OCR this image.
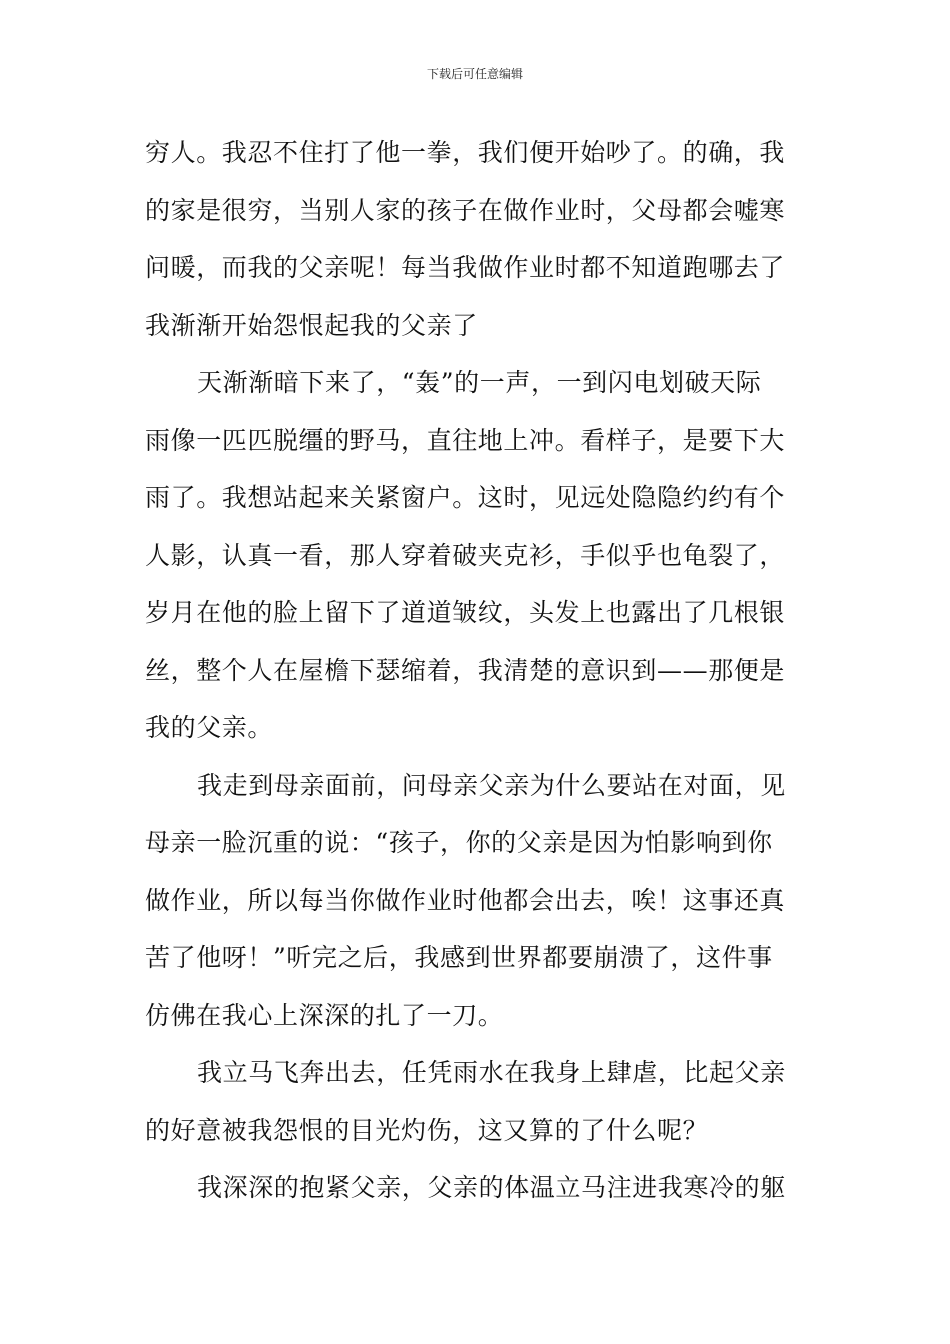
下载后可任意编辑
穷人。我忍不住打了他一拳，我们便开始吵了。的确，我
的家是很穷，当别人家的孩子在做作业时，父母都会嘘寒
问暖，而我的父亲呢！每当我做作业时都不知道跑哪去了
我渐渐开始怨恨起我的父亲了
天渐渐暗下来了，“轰”的一声，一到闪电划破天际
雨像一匹匹脱缰的野马，直往地上冲。看样子，是要下大
雨了。我想站起来关紧窗户。这时，见远处隐隐约约有个
人影，认真一看，那人穿着破夹克衫，手似乎也龟裂了，
岁月在他的脸上留下了道道皱纹，头发上也露出了几根银
丝，整个人在屋檐下瑟缩着，我清楚的意识到——那便是
我的父亲。
我走到母亲面前，问母亲父亲为什么要站在对面，见
母亲一脸沉重的说：“孩子，你的父亲是因为怕影响到你
做作业，所以每当你做作业时他都会出去，唉！这事还真
苦了他呀！”听完之后，我感到世界都要崩溃了，这件事
仿佛在我心上深深的扎了一刀。
我立马飞奔出去，任凭雨水在我身上肆虐，比起父亲
的好意被我怨恨的目光灼伤，这又算的了什么呢？
我深深的抱紧父亲，父亲的体温立马注进我寒冷的躯
